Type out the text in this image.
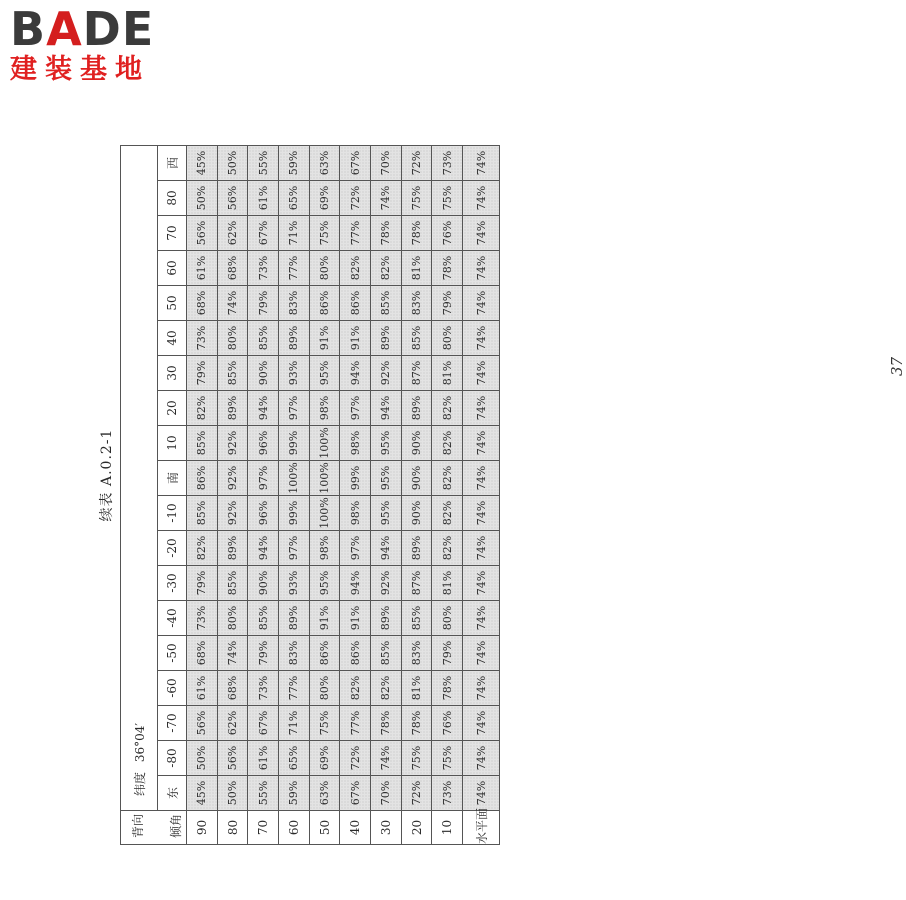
BADE
建装基地
续表 A.0.2-1
背向 倾角	纬度 36°04′																		
	东	-80	-70	-60	-50	-40	-30	-20	-10	南	10	20	30	40	50	60	70	80	西
90	45%	50%	56%	61%	68%	73%	79%	82%	85%	86%	85%	82%	79%	73%	68%	61%	56%	50%	45%
80	50%	56%	62%	68%	74%	80%	85%	89%	92%	92%	92%	89%	85%	80%	74%	68%	62%	56%	50%
70	55%	61%	67%	73%	79%	85%	90%	94%	96%	97%	96%	94%	90%	85%	79%	73%	67%	61%	55%
60	59%	65%	71%	77%	83%	89%	93%	97%	99%	100%	99%	97%	93%	89%	83%	77%	71%	65%	59%
50	63%	69%	75%	80%	86%	91%	95%	98%	100%	100%	100%	98%	95%	91%	86%	80%	75%	69%	63%
40	67%	72%	77%	82%	86%	91%	94%	97%	98%	99%	98%	97%	94%	91%	86%	82%	77%	72%	67%
30	70%	74%	78%	82%	85%	89%	92%	94%	95%	95%	95%	94%	92%	89%	85%	82%	78%	74%	70%
20	72%	75%	78%	81%	83%	85%	87%	89%	90%	90%	90%	89%	87%	85%	83%	81%	78%	75%	72%
10	73%	75%	76%	78%	79%	80%	81%	82%	82%	82%	82%	82%	81%	80%	79%	78%	76%	75%	73%
水平面	74%	74%	74%	74%	74%	74%	74%	74%	74%	74%	74%	74%	74%	74%	74%	74%	74%	74%	74%
37
